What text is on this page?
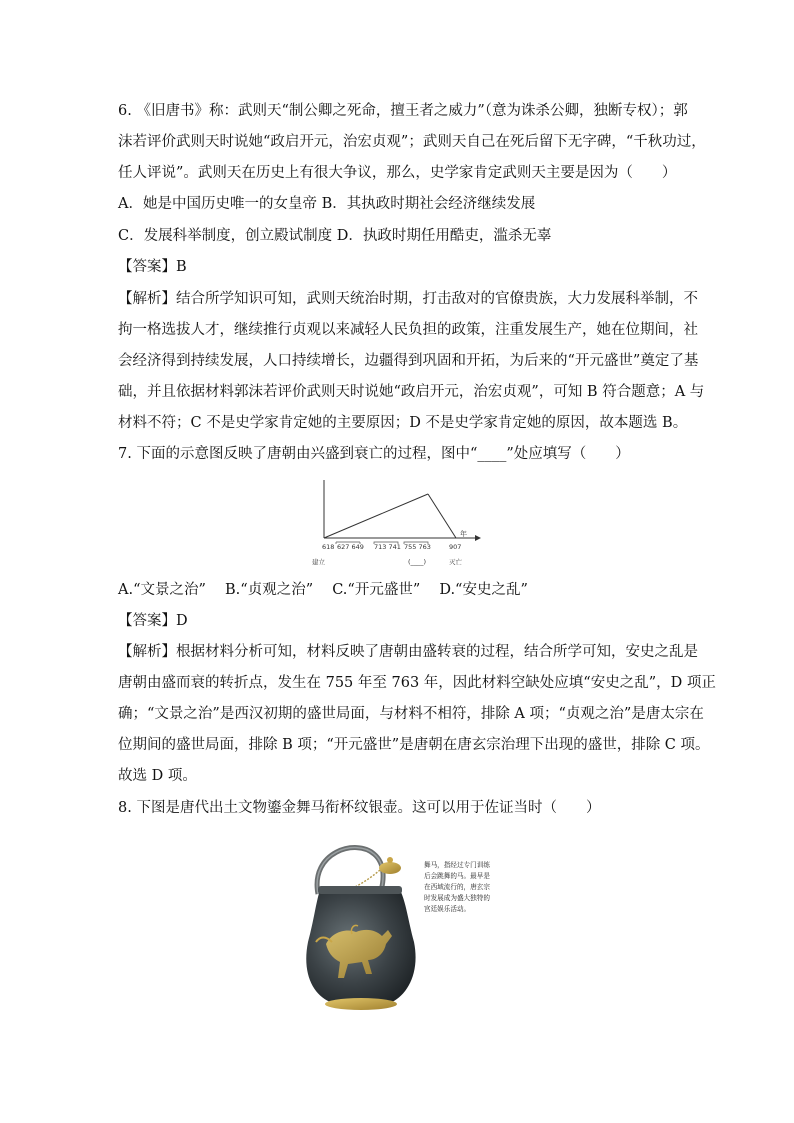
6. 《旧唐书》称：武则天“制公卿之死命，擅王者之威力”（意为诛杀公卿，独断专权）；郭
沫若评价武则天时说她“政启开元，治宏贞观”；武则天自己在死后留下无字碑，“千秋功过，
任人评说”。武则天在历史上有很大争议，那么，史学家肯定武则天主要是因为（　　）
A．她是中国历史唯一的女皇帝 B．其执政时期社会经济继续发展
C．发展科举制度，创立殿试制度 D．执政时期任用酷吏，滥杀无辜
【答案】B
【解析】结合所学知识可知，武则天统治时期，打击敌对的官僚贵族，大力发展科举制，不
拘一格选拔人才，继续推行贞观以来减轻人民负担的政策，注重发展生产，她在位期间，社
会经济得到持续发展，人口持续增长，边疆得到巩固和开拓，为后来的“开元盛世”奠定了基
础，并且依据材料郭沫若评价武则天时说她“政启开元，治宏贞观”，可知 B 符合题意；A 与
材料不符；C 不是史学家肯定她的主要原因；D 不是史学家肯定她的原因，故本题选 B。
7. 下面的示意图反映了唐朝由兴盛到衰亡的过程，图中“____”处应填写（　　）
年
618 627 649 713 741 755 763	907
建立	(____)	灭亡
A.“文景之治”　 B.“贞观之治”　 C.“开元盛世”　 D.“安史之乱”
【答案】D
【解析】根据材料分析可知，材料反映了唐朝由盛转衰的过程，结合所学可知，安史之乱是
唐朝由盛而衰的转折点，发生在 755 年至 763 年，因此材料空缺处应填“安史之乱”，D 项正
确；“文景之治”是西汉初期的盛世局面，与材料不相符，排除 A 项；“贞观之治”是唐太宗在
位期间的盛世局面，排除 B 项；“开元盛世”是唐朝在唐玄宗治理下出现的盛世，排除 C 项。
故选 D 项。
8. 下图是唐代出土文物鎏金舞马衔杯纹银壶。这可以用于佐证当时（　　）
舞马，指经过专门训练后会跳舞的马。最早是在西域流行的，唐玄宗时发展成为盛大独特的宫廷娱乐活动。
